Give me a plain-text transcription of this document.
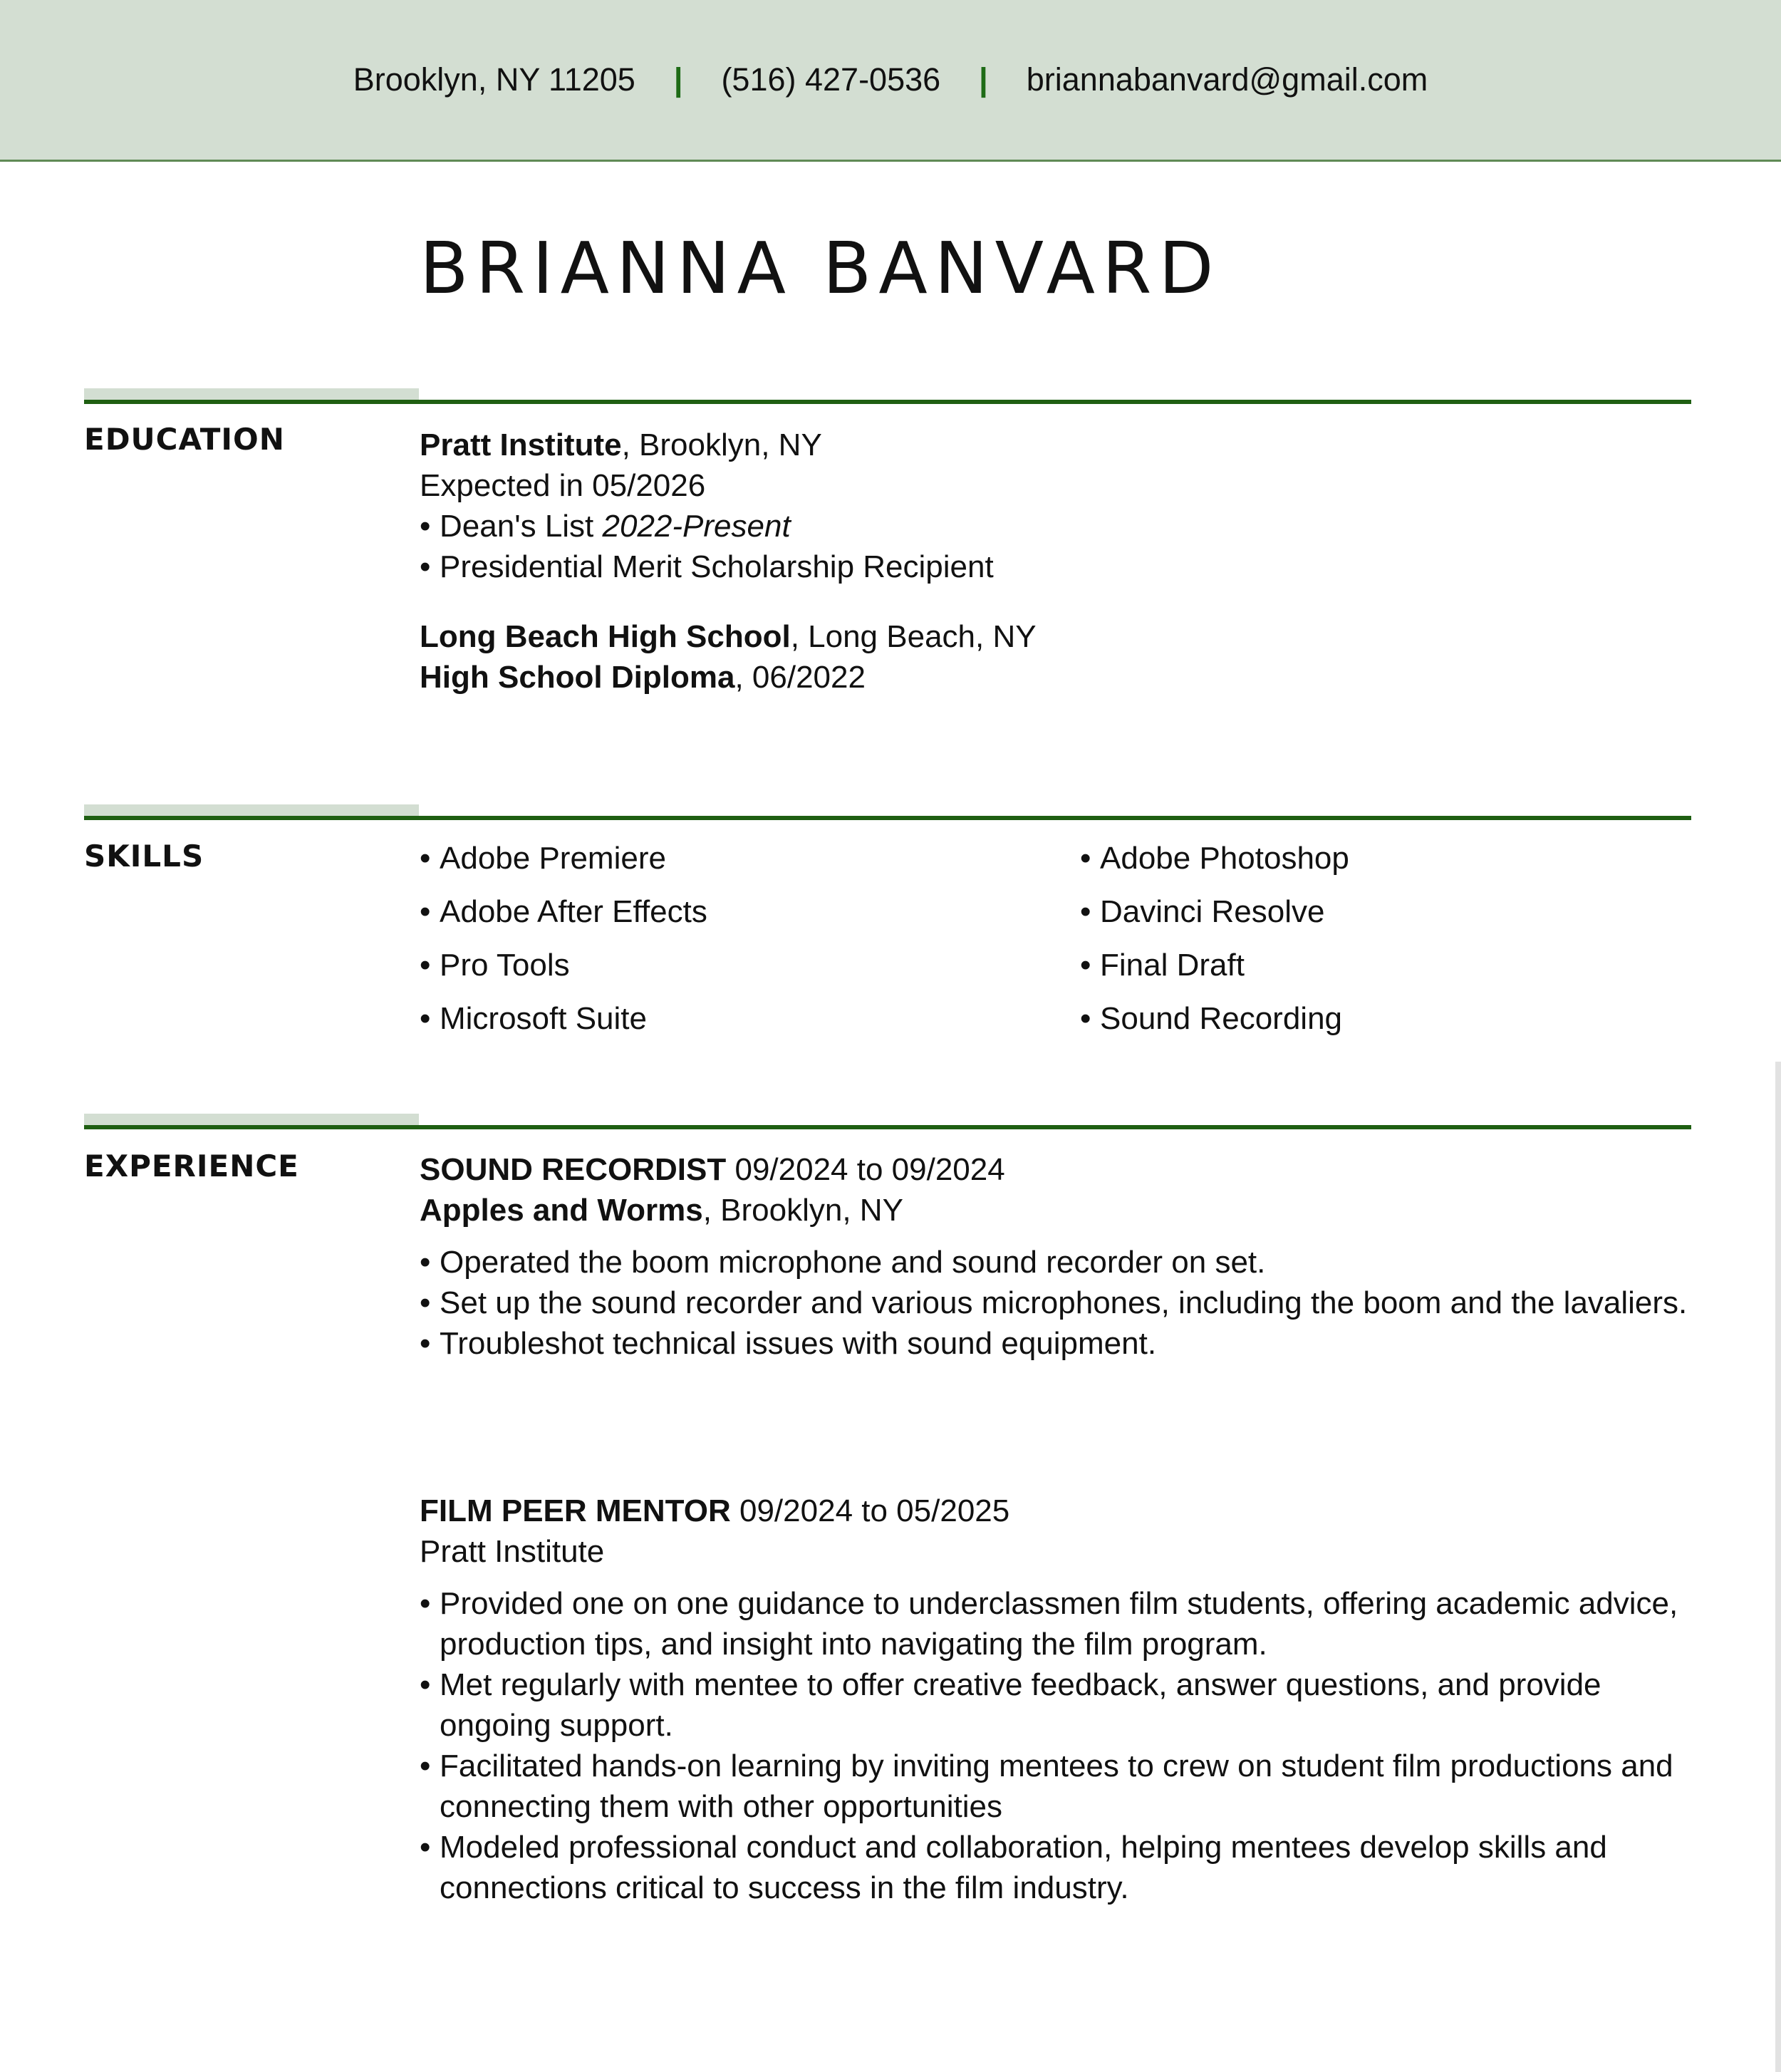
Brooklyn, NY 11205 | (516) 427-0536 | briannabanvard@gmail.com
BRIANNA BANVARD
EDUCATION	Pratt Institute, Brooklyn, NY

Expected in 05/2026

• Dean's List 2022-Present

• Presidential Merit Scholarship Recipient

Long Beach High School, Long Beach, NY

High School Diploma, 06/2022

SKILLS	• Adobe Premiere
• Adobe After Effects
• Pro Tools
• Microsoft Suite
• Adobe Photoshop
• Davinci Resolve
• Final Draft
• Sound Recording
EXPERIENCE	SOUND RECORDIST 09/2024 to 09/2024

Apples and Worms, Brooklyn, NY

• Operated the boom microphone and sound recorder on set.

• Set up the sound recorder and various microphones, including the boom and the lavaliers.

• Troubleshot technical issues with sound equipment.

FILM PEER MENTOR 09/2024 to 05/2025

Pratt Institute

• Provided one on one guidance to underclassmen film students, offering academic advice, production tips, and insight into navigating the film program.

• Met regularly with mentee to offer creative feedback, answer questions, and provide ongoing support.

• Facilitated hands-on learning by inviting mentees to crew on student film productions and connecting them with other opportunities

• Modeled professional conduct and collaboration, helping mentees develop skills and connections critical to success in the film industry.
